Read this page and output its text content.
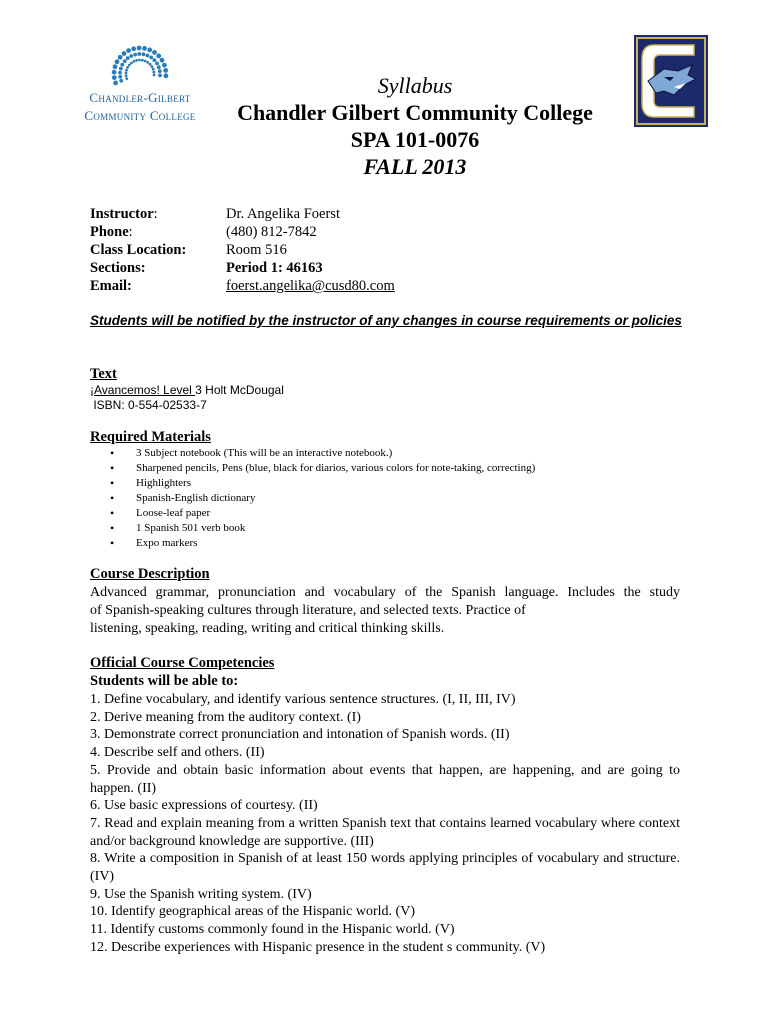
Chandler-Gilbert
Community College
Syllabus
Chandler Gilbert Community College
SPA 101-0076
FALL 2013
Instructor:	Dr. Angelika Foerst
Phone:	(480) 812-7842
Class Location:	Room 516
Sections:	Period 1: 46163
Email:	foerst.angelika@cusd80.com
Students will be notified by the instructor of any changes in course requirements or policies
Text
¡Avancemos! Level 3 Holt McDougal
ISBN: 0-554-02533-7
Required Materials
• 3 Subject notebook (This will be an interactive notebook.)
• Sharpened pencils, Pens (blue, black for diarios, various colors for note-taking, correcting)
• Highlighters
• Spanish-English dictionary
• Loose-leaf paper
• 1 Spanish 501 verb book
• Expo markers
Course Description
Advanced grammar, pronunciation and vocabulary of the Spanish language. Includes the study
of Spanish-speaking cultures through literature, and selected texts. Practice of
listening, speaking, reading, writing and critical thinking skills.
Official Course Competencies
Students will be able to:
1. Define vocabulary, and identify various sentence structures. (I, II, III, IV)
2. Derive meaning from the auditory context. (I)
3. Demonstrate correct pronunciation and intonation of Spanish words. (II)
4. Describe self and others. (II)
5. Provide and obtain basic information about events that happen, are happening, and are going to happen. (II)
6. Use basic expressions of courtesy. (II)
7. Read and explain meaning from a written Spanish text that contains learned vocabulary where context and/or background knowledge are supportive. (III)
8. Write a composition in Spanish of at least 150 words applying principles of vocabulary and structure. (IV)
9. Use the Spanish writing system. (IV)
10. Identify geographical areas of the Hispanic world. (V)
11. Identify customs commonly found in the Hispanic world. (V)
12. Describe experiences with Hispanic presence in the student s community. (V)
